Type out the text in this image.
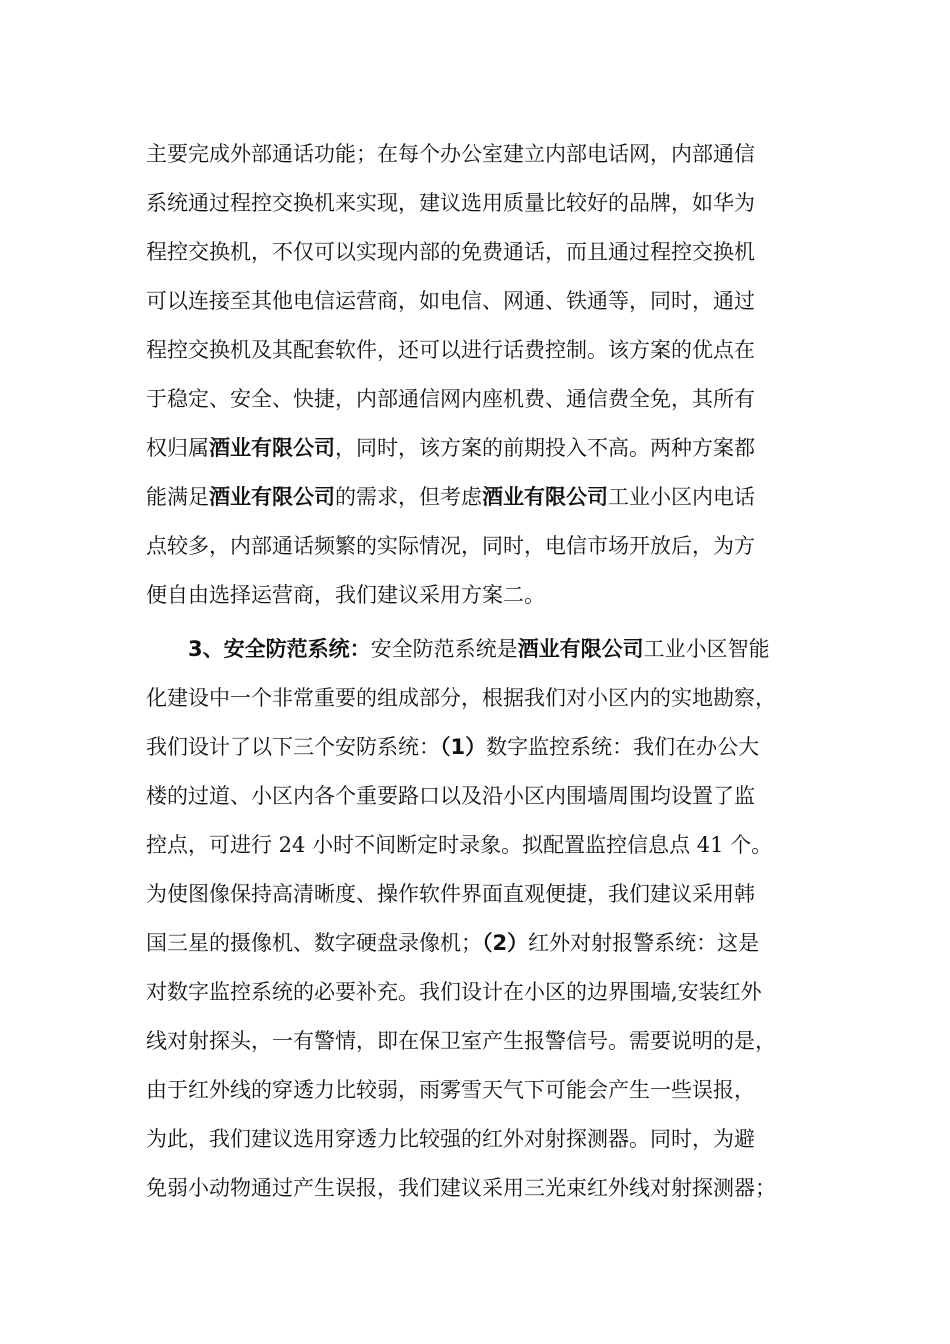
主要完成外部通话功能；在每个办公室建立内部电话网，内部通信
系统通过程控交换机来实现，建议选用质量比较好的品牌，如华为
程控交换机，不仅可以实现内部的免费通话，而且通过程控交换机
可以连接至其他电信运营商，如电信、网通、铁通等，同时，通过
程控交换机及其配套软件，还可以进行话费控制。该方案的优点在
于稳定、安全、快捷，内部通信网内座机费、通信费全免，其所有
权归属酒业有限公司，同时，该方案的前期投入不高。两种方案都
能满足酒业有限公司的需求，但考虑酒业有限公司工业小区内电话
点较多，内部通话频繁的实际情况，同时，电信市场开放后，为方
便自由选择运营商，我们建议采用方案二。
3、安全防范系统：安全防范系统是酒业有限公司工业小区智能
化建设中一个非常重要的组成部分，根据我们对小区内的实地勘察，
我们设计了以下三个安防系统：（1）数字监控系统：我们在办公大
楼的过道、小区内各个重要路口以及沿小区内围墙周围均设置了监
控点，可进行 24 小时不间断定时录象。拟配置监控信息点 41 个。
为使图像保持高清晰度、操作软件界面直观便捷，我们建议采用韩
国三星的摄像机、数字硬盘录像机；（2）红外对射报警系统：这是
对数字监控系统的必要补充。我们设计在小区的边界围墙,安装红外
线对射探头，一有警情，即在保卫室产生报警信号。需要说明的是，
由于红外线的穿透力比较弱，雨雾雪天气下可能会产生一些误报，
为此，我们建议选用穿透力比较强的红外对射探测器。同时，为避
免弱小动物通过产生误报，我们建议采用三光束红外线对射探测器；
